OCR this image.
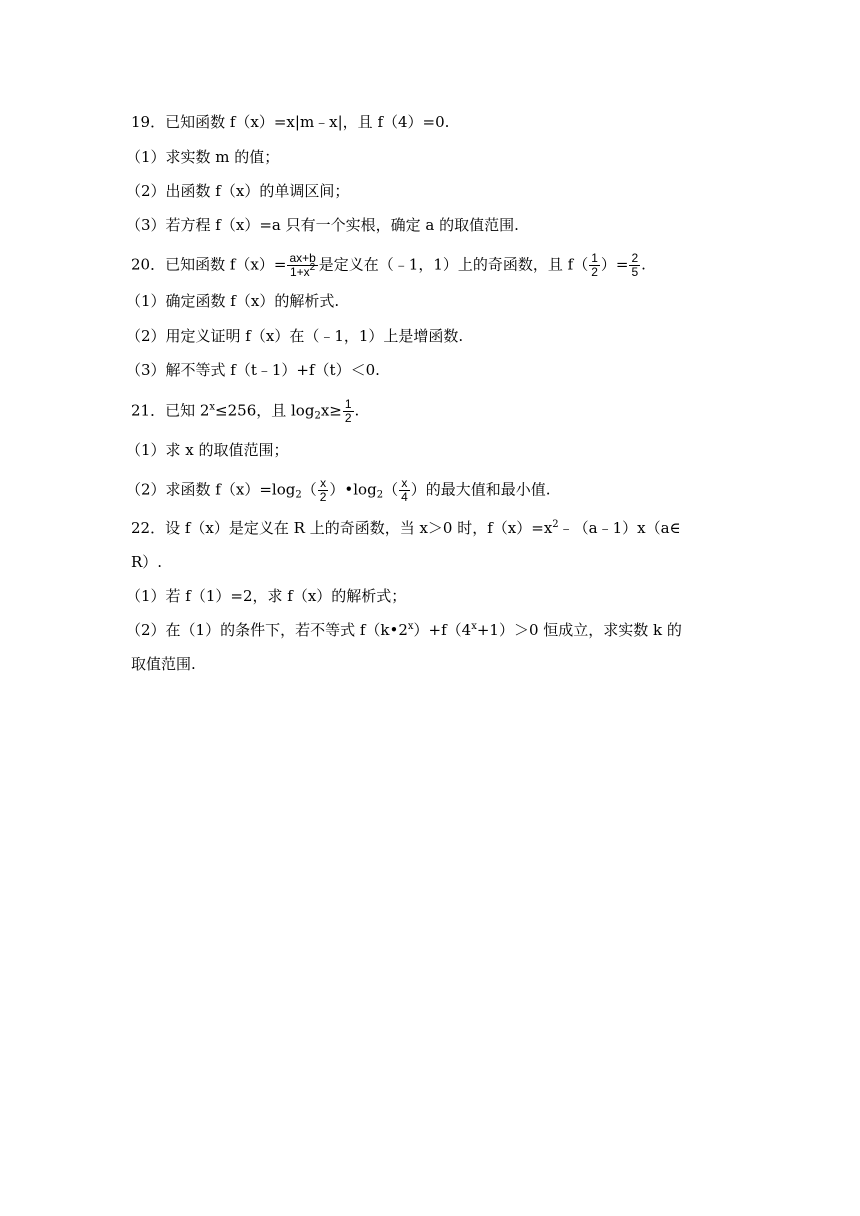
19．已知函数 f（x）=x|m﹣x|，且 f（4）=0.
（1）求实数 m 的值；
（2）出函数 f（x）的单调区间；
（3）若方程 f（x）=a 只有一个实根，确定 a 的取值范围.
20．已知函数 $f(x)= \frac{ax+b}{1+x^2}$ 是定义在（﹣1，1）上的奇函数，且 $f( \frac{1}{2}$ ）= $\frac{2}{5}$ .
（1）确定函数 f（x）的解析式.
（2）用定义证明 f（x）在（﹣1，1）上是增函数.
（3）解不等式 f（t﹣1）+f（t）＜0.
21．已知 $2^x\le 256$，且 $\log_2x\ge \frac{1}{2}$ .
（1）求 x 的取值范围；
（2）求函数 $f(x)=\log_2( \frac{x}{2}$ ）$•\log_2( \frac{x}{4}$ ）的最大值和最小值.
22．设 f（x）是定义在 R 上的奇函数，当 x＞0 时，$f(x)=x^2﹣(a﹣1)x(a\in$
R）.
（1）若 f（1）=2，求 f（x）的解析式；
（2）在（1）的条件下，若不等式 $f(k•2^x)+f(4^x+1)>0$ 恒成立，求实数 k 的
取值范围.
